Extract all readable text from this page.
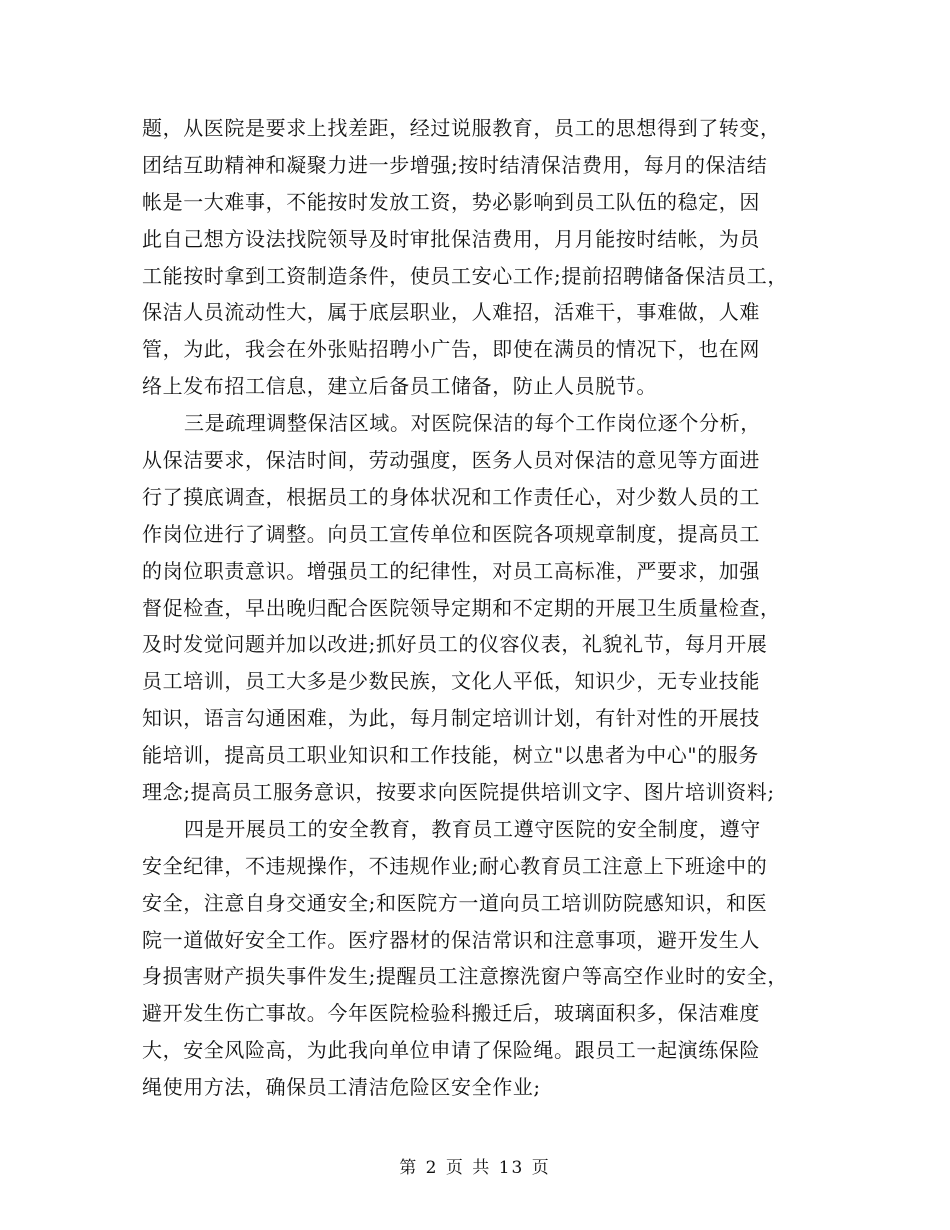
题，从医院是要求上找差距，经过说服教育，员工的思想得到了转变，
团结互助精神和凝聚力进一步增强;按时结清保洁费用，每月的保洁结
帐是一大难事，不能按时发放工资，势必影响到员工队伍的稳定，因
此自己想方设法找院领导及时审批保洁费用，月月能按时结帐，为员
工能按时拿到工资制造条件，使员工安心工作;提前招聘储备保洁员工，
保洁人员流动性大，属于底层职业，人难招，活难干，事难做，人难
管，为此，我会在外张贴招聘小广告，即使在满员的情况下，也在网
络上发布招工信息，建立后备员工储备，防止人员脱节。
三是疏理调整保洁区域。对医院保洁的每个工作岗位逐个分析，
从保洁要求，保洁时间，劳动强度，医务人员对保洁的意见等方面进
行了摸底调查，根据员工的身体状况和工作责任心，对少数人员的工
作岗位进行了调整。向员工宣传单位和医院各项规章制度，提高员工
的岗位职责意识。增强员工的纪律性，对员工高标准，严要求，加强
督促检查，早出晚归配合医院领导定期和不定期的开展卫生质量检查，
及时发觉问题并加以改进;抓好员工的仪容仪表，礼貌礼节，每月开展
员工培训，员工大多是少数民族，文化人平低，知识少，无专业技能
知识，语言勾通困难，为此，每月制定培训计划，有针对性的开展技
能培训，提高员工职业知识和工作技能，树立"以患者为中心"的服务
理念;提高员工服务意识，按要求向医院提供培训文字、图片培训资料;
四是开展员工的安全教育，教育员工遵守医院的安全制度，遵守
安全纪律，不违规操作，不违规作业;耐心教育员工注意上下班途中的
安全，注意自身交通安全;和医院方一道向员工培训防院感知识，和医
院一道做好安全工作。医疗器材的保洁常识和注意事项，避开发生人
身损害财产损失事件发生;提醒员工注意擦洗窗户等高空作业时的安全，
避开发生伤亡事故。今年医院检验科搬迁后，玻璃面积多，保洁难度
大，安全风险高，为此我向单位申请了保险绳。跟员工一起演练保险
绳使用方法，确保员工清洁危险区安全作业;
第 2 页 共 13 页
